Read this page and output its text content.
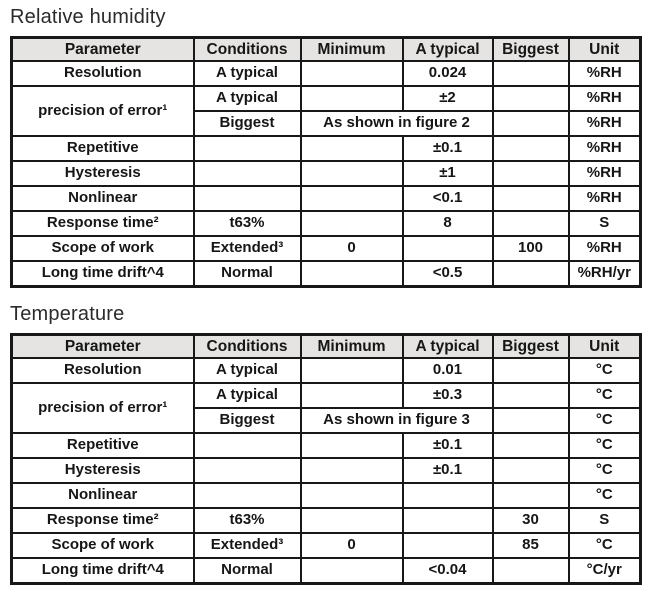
Relative humidity
Parameter	Conditions	Minimum	A typical	Biggest	Unit
Resolution	A typical		0.024		%RH
precision of error¹	A typical		±2		%RH
	Biggest	As shown in figure 2			%RH
Repetitive			±0.1		%RH
Hysteresis			±1		%RH
Nonlinear			<0.1		%RH
Response time²	t63%		8		S
Scope of work	Extended³	0		100	%RH
Long time drift^4	Normal		<0.5		%RH/yr
Temperature
Parameter	Conditions	Minimum	A typical	Biggest	Unit
Resolution	A typical		0.01		°C
precision of error¹	A typical		±0.3		°C
	Biggest	As shown in figure 3			°C
Repetitive			±0.1		°C
Hysteresis			±0.1		°C
Nonlinear					°C
Response time²	t63%			30	S
Scope of work	Extended³	0		85	°C
Long time drift^4	Normal		<0.04		°C/yr
